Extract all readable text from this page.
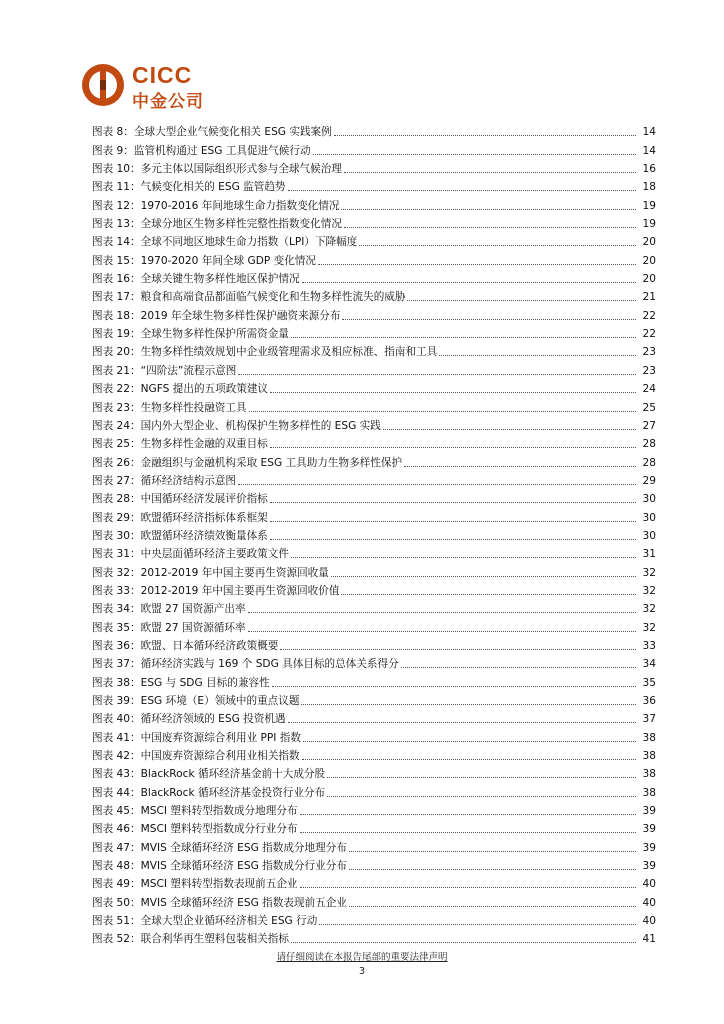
CICC
中金公司
图表 8：全球大型企业气候变化相关 ESG 实践案例	14
图表 9：监管机构通过 ESG 工具促进气候行动	14
图表 10：多元主体以国际组织形式参与全球气候治理	16
图表 11：气候变化相关的 ESG 监管趋势	18
图表 12：1970-2016 年间地球生命力指数变化情况	19
图表 13：全球分地区生物多样性完整性指数变化情况	19
图表 14：全球不同地区地球生命力指数（LPI）下降幅度	20
图表 15：1970-2020 年间全球 GDP 变化情况	20
图表 16：全球关键生物多样性地区保护情况	20
图表 17：粮食和高端食品都面临气候变化和生物多样性流失的威胁	21
图表 18：2019 年全球生物多样性保护融资来源分布	22
图表 19：全球生物多样性保护所需资金量	22
图表 20：生物多样性绩效规划中企业级管理需求及相应标准、指南和工具	23
图表 21：“四阶法”流程示意图	23
图表 22：NGFS 提出的五项政策建议	24
图表 23：生物多样性投融资工具	25
图表 24：国内外大型企业、机构保护生物多样性的 ESG 实践	27
图表 25：生物多样性金融的双重目标	28
图表 26：金融组织与金融机构采取 ESG 工具助力生物多样性保护	28
图表 27：循环经济结构示意图	29
图表 28：中国循环经济发展评价指标	30
图表 29：欧盟循环经济指标体系框架	30
图表 30：欧盟循环经济绩效衡量体系	30
图表 31：中央层面循环经济主要政策文件	31
图表 32：2012-2019 年中国主要再生资源回收量	32
图表 33：2012-2019 年中国主要再生资源回收价值	32
图表 34：欧盟 27 国资源产出率	32
图表 35：欧盟 27 国资源循环率	32
图表 36：欧盟、日本循环经济政策概要	33
图表 37：循环经济实践与 169 个 SDG 具体目标的总体关系得分	34
图表 38：ESG 与 SDG 目标的兼容性	35
图表 39：ESG 环境（E）领域中的重点议题	36
图表 40：循环经济领域的 ESG 投资机遇	37
图表 41：中国废弃资源综合利用业 PPI 指数	38
图表 42：中国废弃资源综合利用业相关指数	38
图表 43：BlackRock 循环经济基金前十大成分股	38
图表 44：BlackRock 循环经济基金投资行业分布	38
图表 45：MSCI 塑料转型指数成分地理分布	39
图表 46：MSCI 塑料转型指数成分行业分布	39
图表 47：MVIS 全球循环经济 ESG 指数成分地理分布	39
图表 48：MVIS 全球循环经济 ESG 指数成分行业分布	39
图表 49：MSCI 塑料转型指数表现前五企业	40
图表 50：MVIS 全球循环经济 ESG 指数表现前五企业	40
图表 51：全球大型企业循环经济相关 ESG 行动	40
图表 52：联合利华再生塑料包装相关指标	41
请仔细阅读在本报告尾部的重要法律声明
3
